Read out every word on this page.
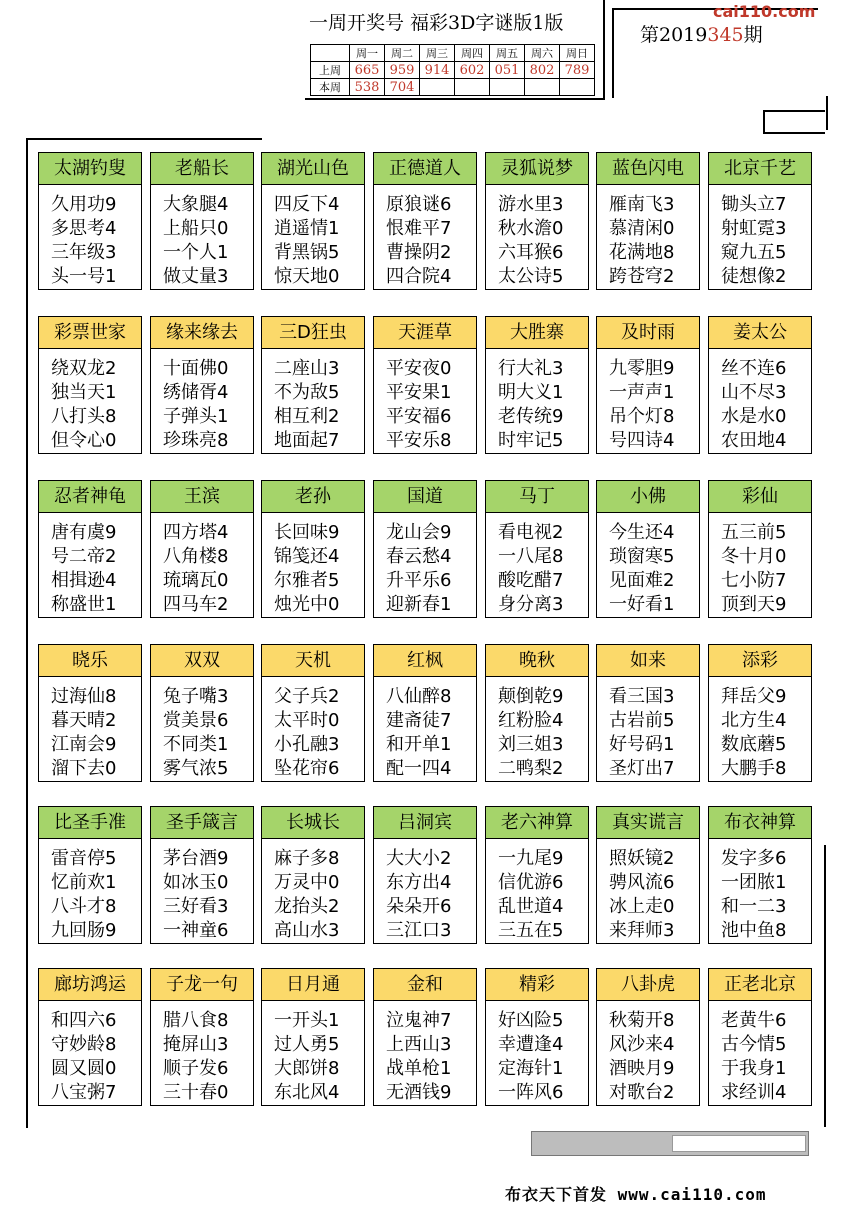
一周开奖号 福彩3D字谜版1版
	周一	周二	周三	周四	周五	周六	周日
上周	665	959	914	602	051	802	789
本周	538	704					
cai110.com
第2019345期
太湖钓叟
久用功9
多思考4
三年级3
头一号1
老船长
大象腿4
上船只0
一个人1
做丈量3
湖光山色
四反下4
逍遥情1
背黑锅5
惊天地0
正德道人
原狼谜6
恨难平7
曹操阴2
四合院4
灵狐说梦
游水里3
秋水澹0
六耳猴6
太公诗5
蓝色闪电
雁南飞3
慕清闲0
花满地8
跨苍穹2
北京千艺
锄头立7
射虹霓3
窥九五5
徒想像2
彩票世家
绕双龙2
独当天1
八打头8
但令心0
缘来缘去
十面佛0
绣储胥4
子弹头1
珍珠亮8
三D狂虫
二座山3
不为敌5
相互利2
地面起7
天涯草
平安夜0
平安果1
平安福6
平安乐8
大胜寨
行大礼3
明大义1
老传统9
时牢记5
及时雨
九零胆9
一声声1
吊个灯8
号四诗4
姜太公
丝不连6
山不尽3
水是水0
农田地4
忍者神龟
唐有虞9
号二帝2
相揖逊4
称盛世1
王滨
四方塔4
八角楼8
琉璃瓦0
四马车2
老孙
长回味9
锦笺还4
尔雅者5
烛光中0
国道
龙山会9
春云愁4
升平乐6
迎新春1
马丁
看电视2
一八尾8
酸吃醋7
身分离3
小佛
今生还4
琐窗寒5
见面难2
一好看1
彩仙
五三前5
冬十月0
七小防7
顶到天9
晓乐
过海仙8
暮天晴2
江南会9
溜下去0
双双
兔子嘴3
赏美景6
不同类1
雾气浓5
天机
父子兵2
太平时0
小孔融3
坠花帘6
红枫
八仙醉8
建斋徒7
和开单1
配一四4
晚秋
颠倒乾9
红粉脸4
刘三姐3
二鸭梨2
如来
看三国3
古岩前5
好号码1
圣灯出7
添彩
拜岳父9
北方生4
数底蘑5
大鹏手8
比圣手准
雷音停5
忆前欢1
八斗才8
九回肠9
圣手箴言
茅台酒9
如冰玉0
三好看3
一神童6
长城长
麻子多8
万灵中0
龙抬头2
高山水3
吕洞宾
大大小2
东方出4
朵朵开6
三江口3
老六神算
一九尾9
信优游6
乱世道4
三五在5
真实谎言
照妖镜2
骋风流6
冰上走0
来拜师3
布衣神算
发字多6
一团脓1
和一二3
池中鱼8
廊坊鸿运
和四六6
守妙龄8
圆又圆0
八宝粥7
子龙一句
腊八食8
掩屏山3
顺子发6
三十春0
日月通
一开头1
过人勇5
大郎饼8
东北风4
金和
泣鬼神7
上西山3
战单枪1
无酒钱9
精彩
好凶险5
幸遭逢4
定海针1
一阵风6
八卦虎
秋菊开8
风沙来4
酒映月9
对歌台2
正老北京
老黄牛6
古今情5
于我身1
求经训4
布衣天下首发 www.cai110.com
